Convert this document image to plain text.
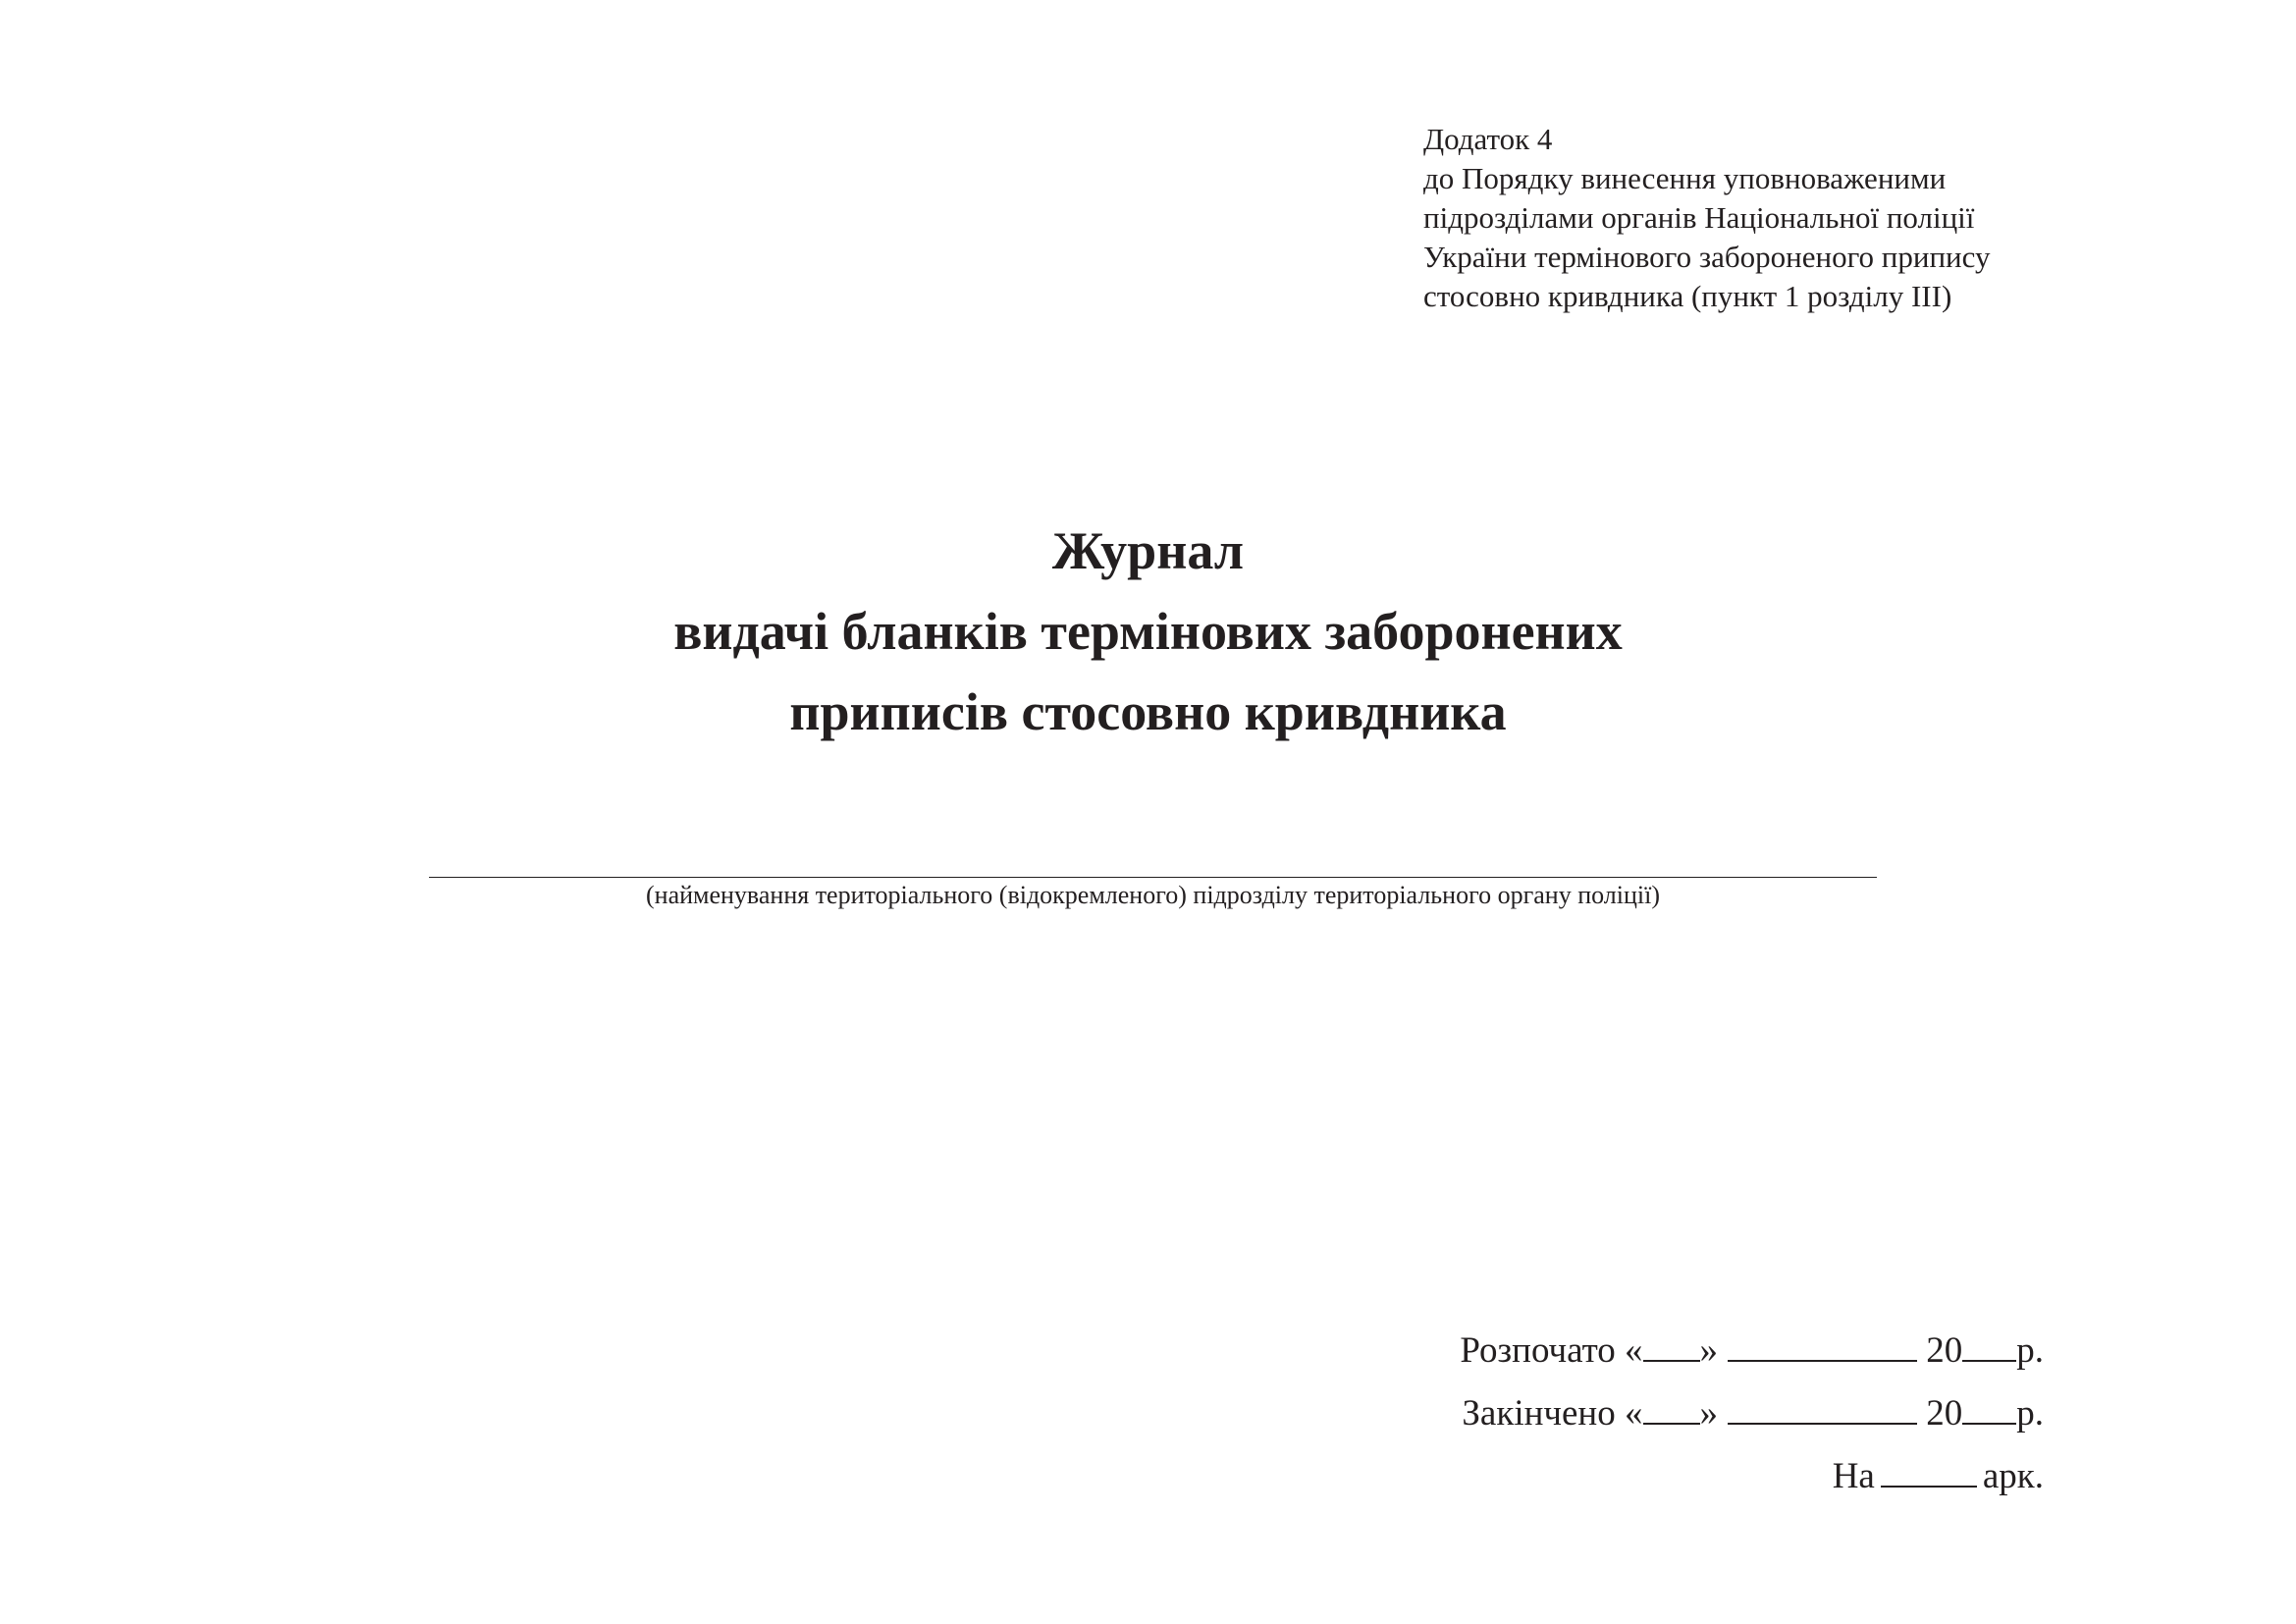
Додаток 4
до Порядку винесення уповноваженими
підрозділами органів Національної поліції
України термінового забороненого припису
стосовно кривдника (пункт 1 розділу III)
Журнал
видачі бланків термінових заборонених
приписів стосовно кривдника
(найменування територіального (відокремленого) підрозділу територіального органу поліції)
Розпочато « »	20р.
Закінчено « »	20р.
На	арк.
